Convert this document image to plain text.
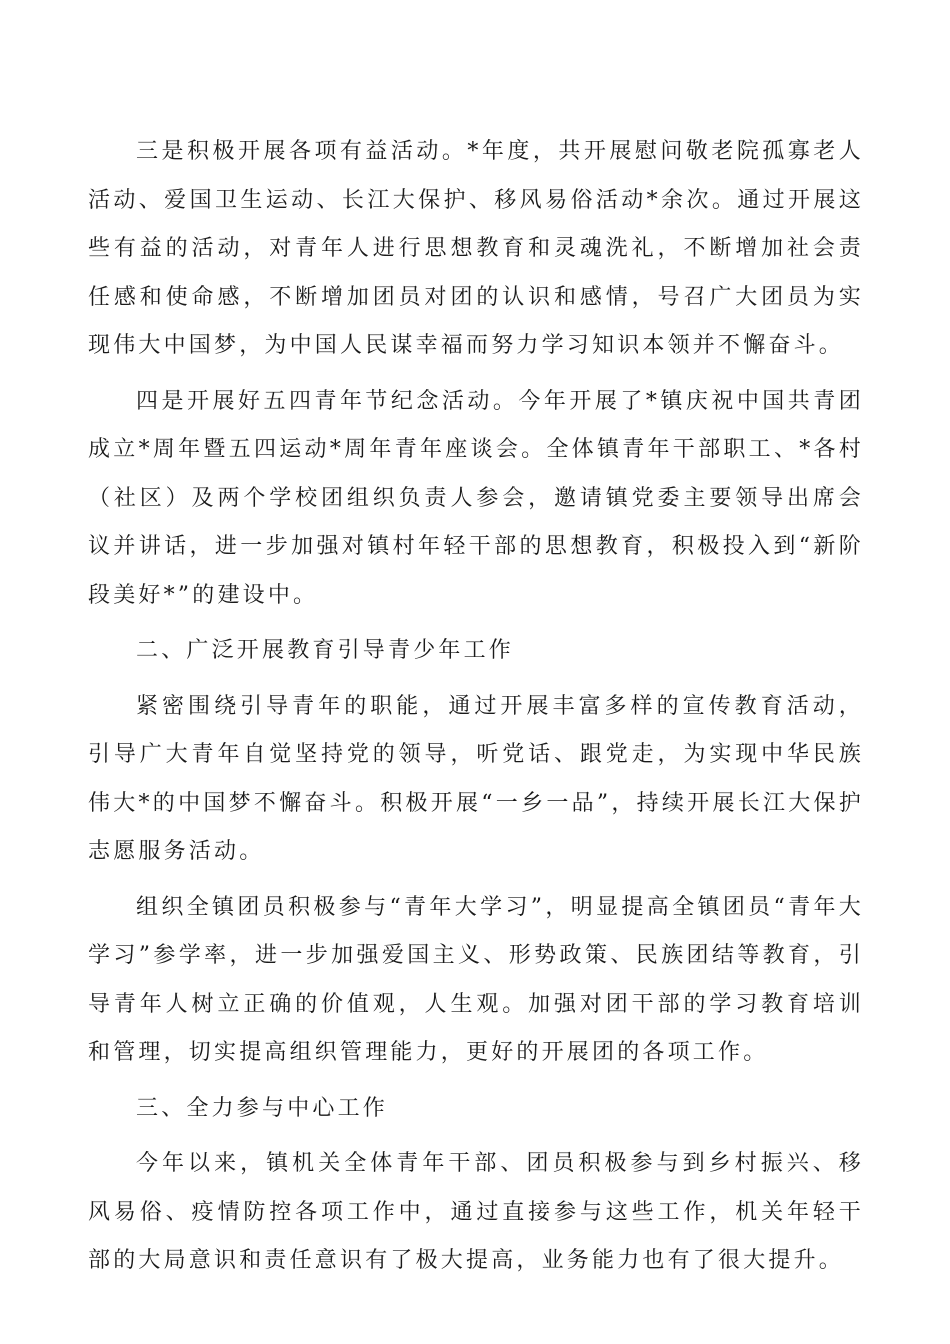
三是积极开展各项有益活动。*年度，共开展慰问敬老院孤寡老人活动、爱国卫生运动、长江大保护、移风易俗活动*余次。通过开展这些有益的活动，对青年人进行思想教育和灵魂洗礼，不断增加社会责任感和使命感，不断增加团员对团的认识和感情，号召广大团员为实现伟大中国梦，为中国人民谋幸福而努力学习知识本领并不懈奋斗。

四是开展好五四青年节纪念活动。今年开展了*镇庆祝中国共青团成立*周年暨五四运动*周年青年座谈会。全体镇青年干部职工、*各村（社区）及两个学校团组织负责人参会，邀请镇党委主要领导出席会议并讲话，进一步加强对镇村年轻干部的思想教育，积极投入到“新阶段美好*”的建设中。

二、广泛开展教育引导青少年工作

紧密围绕引导青年的职能，通过开展丰富多样的宣传教育活动，引导广大青年自觉坚持党的领导，听党话、跟党走，为实现中华民族伟大*的中国梦不懈奋斗。积极开展“一乡一品”，持续开展长江大保护志愿服务活动。

组织全镇团员积极参与“青年大学习”，明显提高全镇团员“青年大学习”参学率，进一步加强爱国主义、形势政策、民族团结等教育，引导青年人树立正确的价值观，人生观。加强对团干部的学习教育培训和管理，切实提高组织管理能力，更好的开展团的各项工作。

三、全力参与中心工作

今年以来，镇机关全体青年干部、团员积极参与到乡村振兴、移风易俗、疫情防控各项工作中，通过直接参与这些工作，机关年轻干部的大局意识和责任意识有了极大提高，业务能力也有了很大提升。
